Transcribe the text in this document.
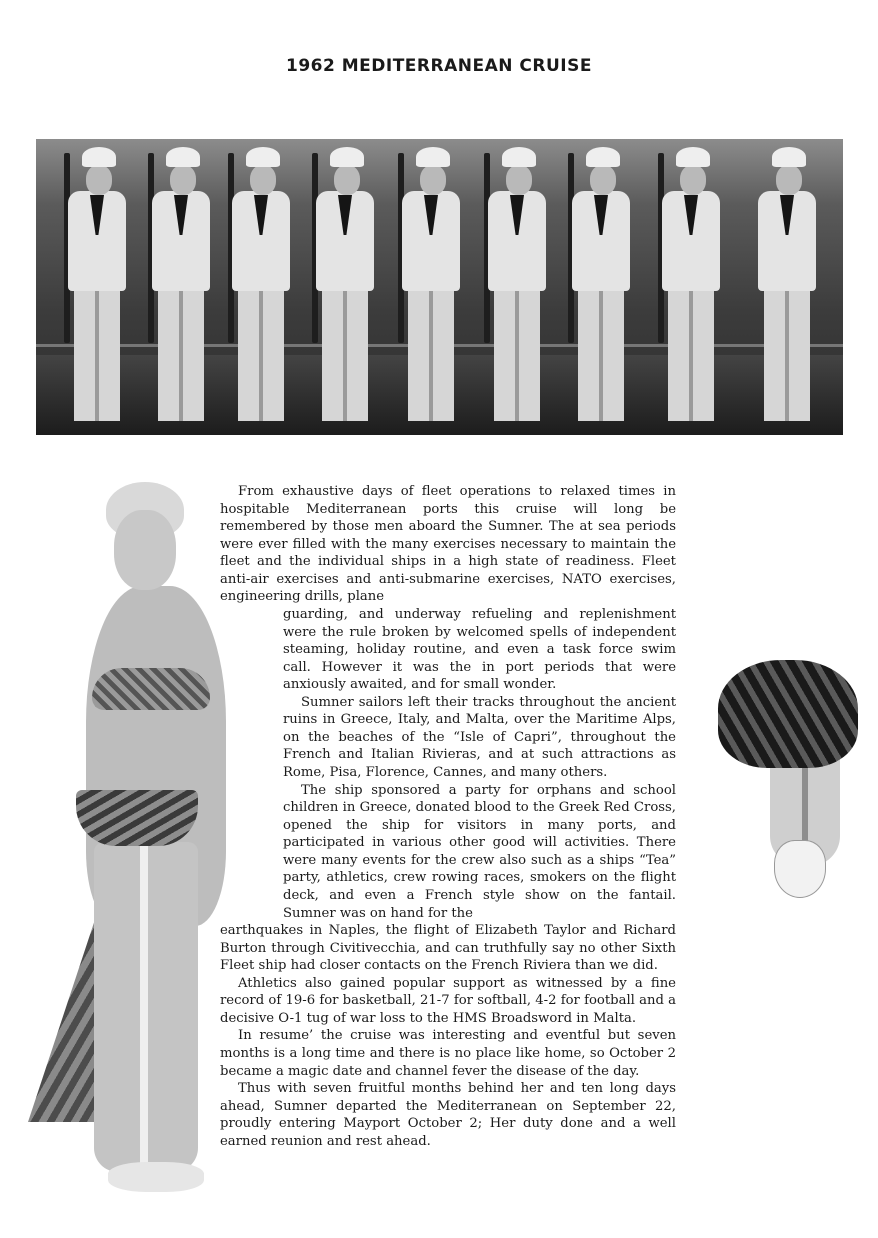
1962 MEDITERRANEAN CRUISE

From exhaustive days of fleet operations to relaxed times in hospitable Mediterranean ports this cruise will long be remembered by those men aboard the Sumner. The at sea periods were ever filled with the many exercises necessary to maintain the fleet and the individual ships in a high state of readiness. Fleet anti-air exercises and anti-submarine exercises, NATO exercises, engineering drills, plane

guarding, and underway refueling and replenishment were the rule broken by welcomed spells of independent steaming, holiday routine, and even a task force swim call. However it was the in port periods that were anxiously awaited, and for small wonder.

Sumner sailors left their tracks throughout the ancient ruins in Greece, Italy, and Malta, over the Maritime Alps, on the beaches of the “Isle of Capri”, throughout the French and Italian Rivieras, and at such attractions as Rome, Pisa, Florence, Cannes, and many others.

The ship sponsored a party for orphans and school children in Greece, donated blood to the Greek Red Cross, opened the ship for visitors in many ports, and participated in various other good will activities. There were many events for the crew also such as a ships “Tea” party, athletics, crew rowing races, smokers on the flight deck, and even a French style show on the fantail. Sumner was on hand for the

earthquakes in Naples, the flight of Elizabeth Taylor and Richard Burton through Civitivecchia, and can truthfully say no other Sixth Fleet ship had closer contacts on the French Riviera than we did.

Athletics also gained popular support as witnessed by a fine record of 19-6 for basketball, 21-7 for softball, 4-2 for football and a decisive O-1 tug of war loss to the HMS Broadsword in Malta.

In resume’ the cruise was interesting and eventful but seven months is a long time and there is no place like home, so October 2 became a magic date and channel fever the disease of the day.

Thus with seven fruitful months behind her and ten long days ahead, Sumner departed the Mediterranean on September 22, proudly entering Mayport October 2; Her duty done and a well earned reunion and rest ahead.
